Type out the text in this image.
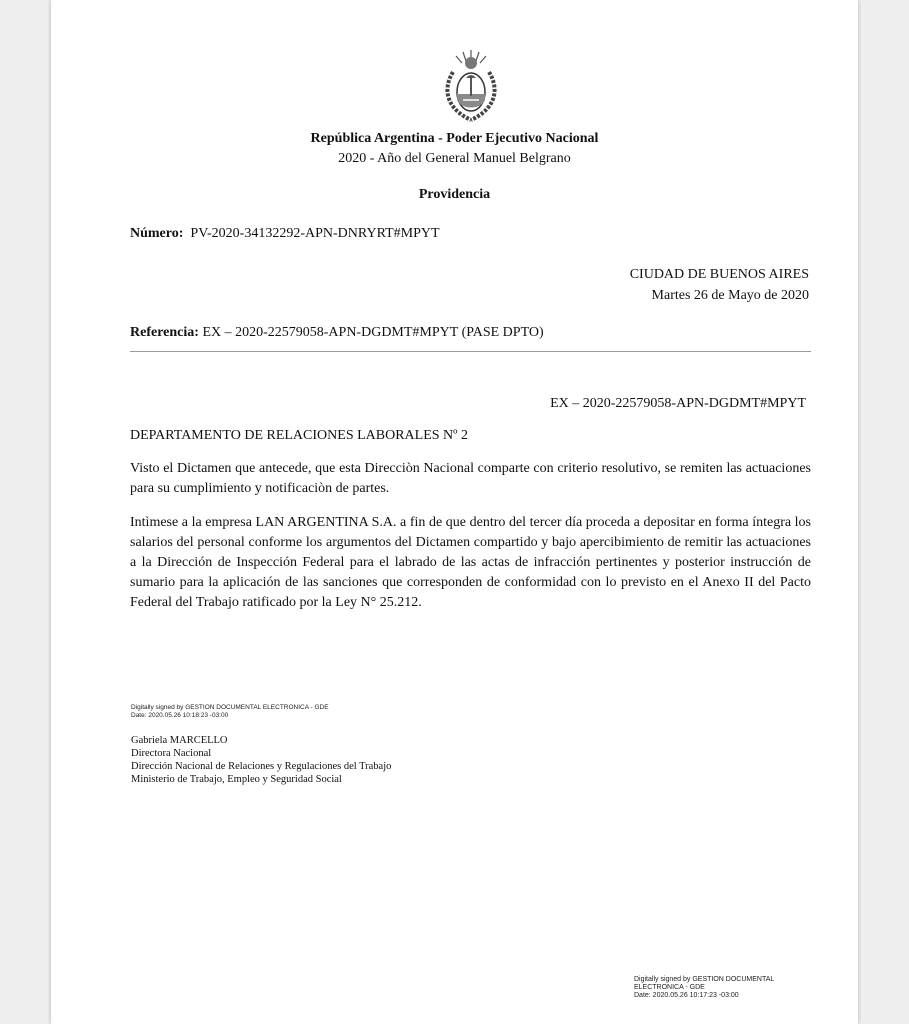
República Argentina - Poder Ejecutivo Nacional
2020 - Año del General Manuel Belgrano
Providencia
Número: PV-2020-34132292-APN-DNRYRT#MPYT
CIUDAD DE BUENOS AIRES
Martes 26 de Mayo de 2020
Referencia: EX – 2020-22579058-APN-DGDMT#MPYT (PASE DPTO)
EX – 2020-22579058-APN-DGDMT#MPYT
DEPARTAMENTO DE RELACIONES LABORALES Nº 2
Visto el Dictamen que antecede, que esta Direcciòn Nacional comparte con criterio resolutivo, se remiten las actuaciones para su cumplimiento y notificaciòn de partes.
Intìmese a la empresa LAN ARGENTINA S.A. a fin de que dentro del tercer día proceda a depositar en forma íntegra los salarios del personal conforme los argumentos del Dictamen compartido y bajo apercibimiento de remitir las actuaciones a la Dirección de Inspección Federal para el labrado de las actas de infracción pertinentes y posterior instrucción de sumario para la aplicación de las sanciones que corresponden de conformidad con lo previsto en el Anexo II del Pacto Federal del Trabajo ratificado por la Ley N° 25.212.
Digitally signed by GESTION DOCUMENTAL ELECTRONICA - GDE
Date: 2020.05.26 10:18:23 -03:00
Gabriela MARCELLO
Directora Nacional
Dirección Nacional de Relaciones y Regulaciones del Trabajo
Ministerio de Trabajo, Empleo y Seguridad Social
Digitally signed by GESTION DOCUMENTAL
ELECTRONICA - GDE
Date: 2020.05.26 10:17:23 -03:00
